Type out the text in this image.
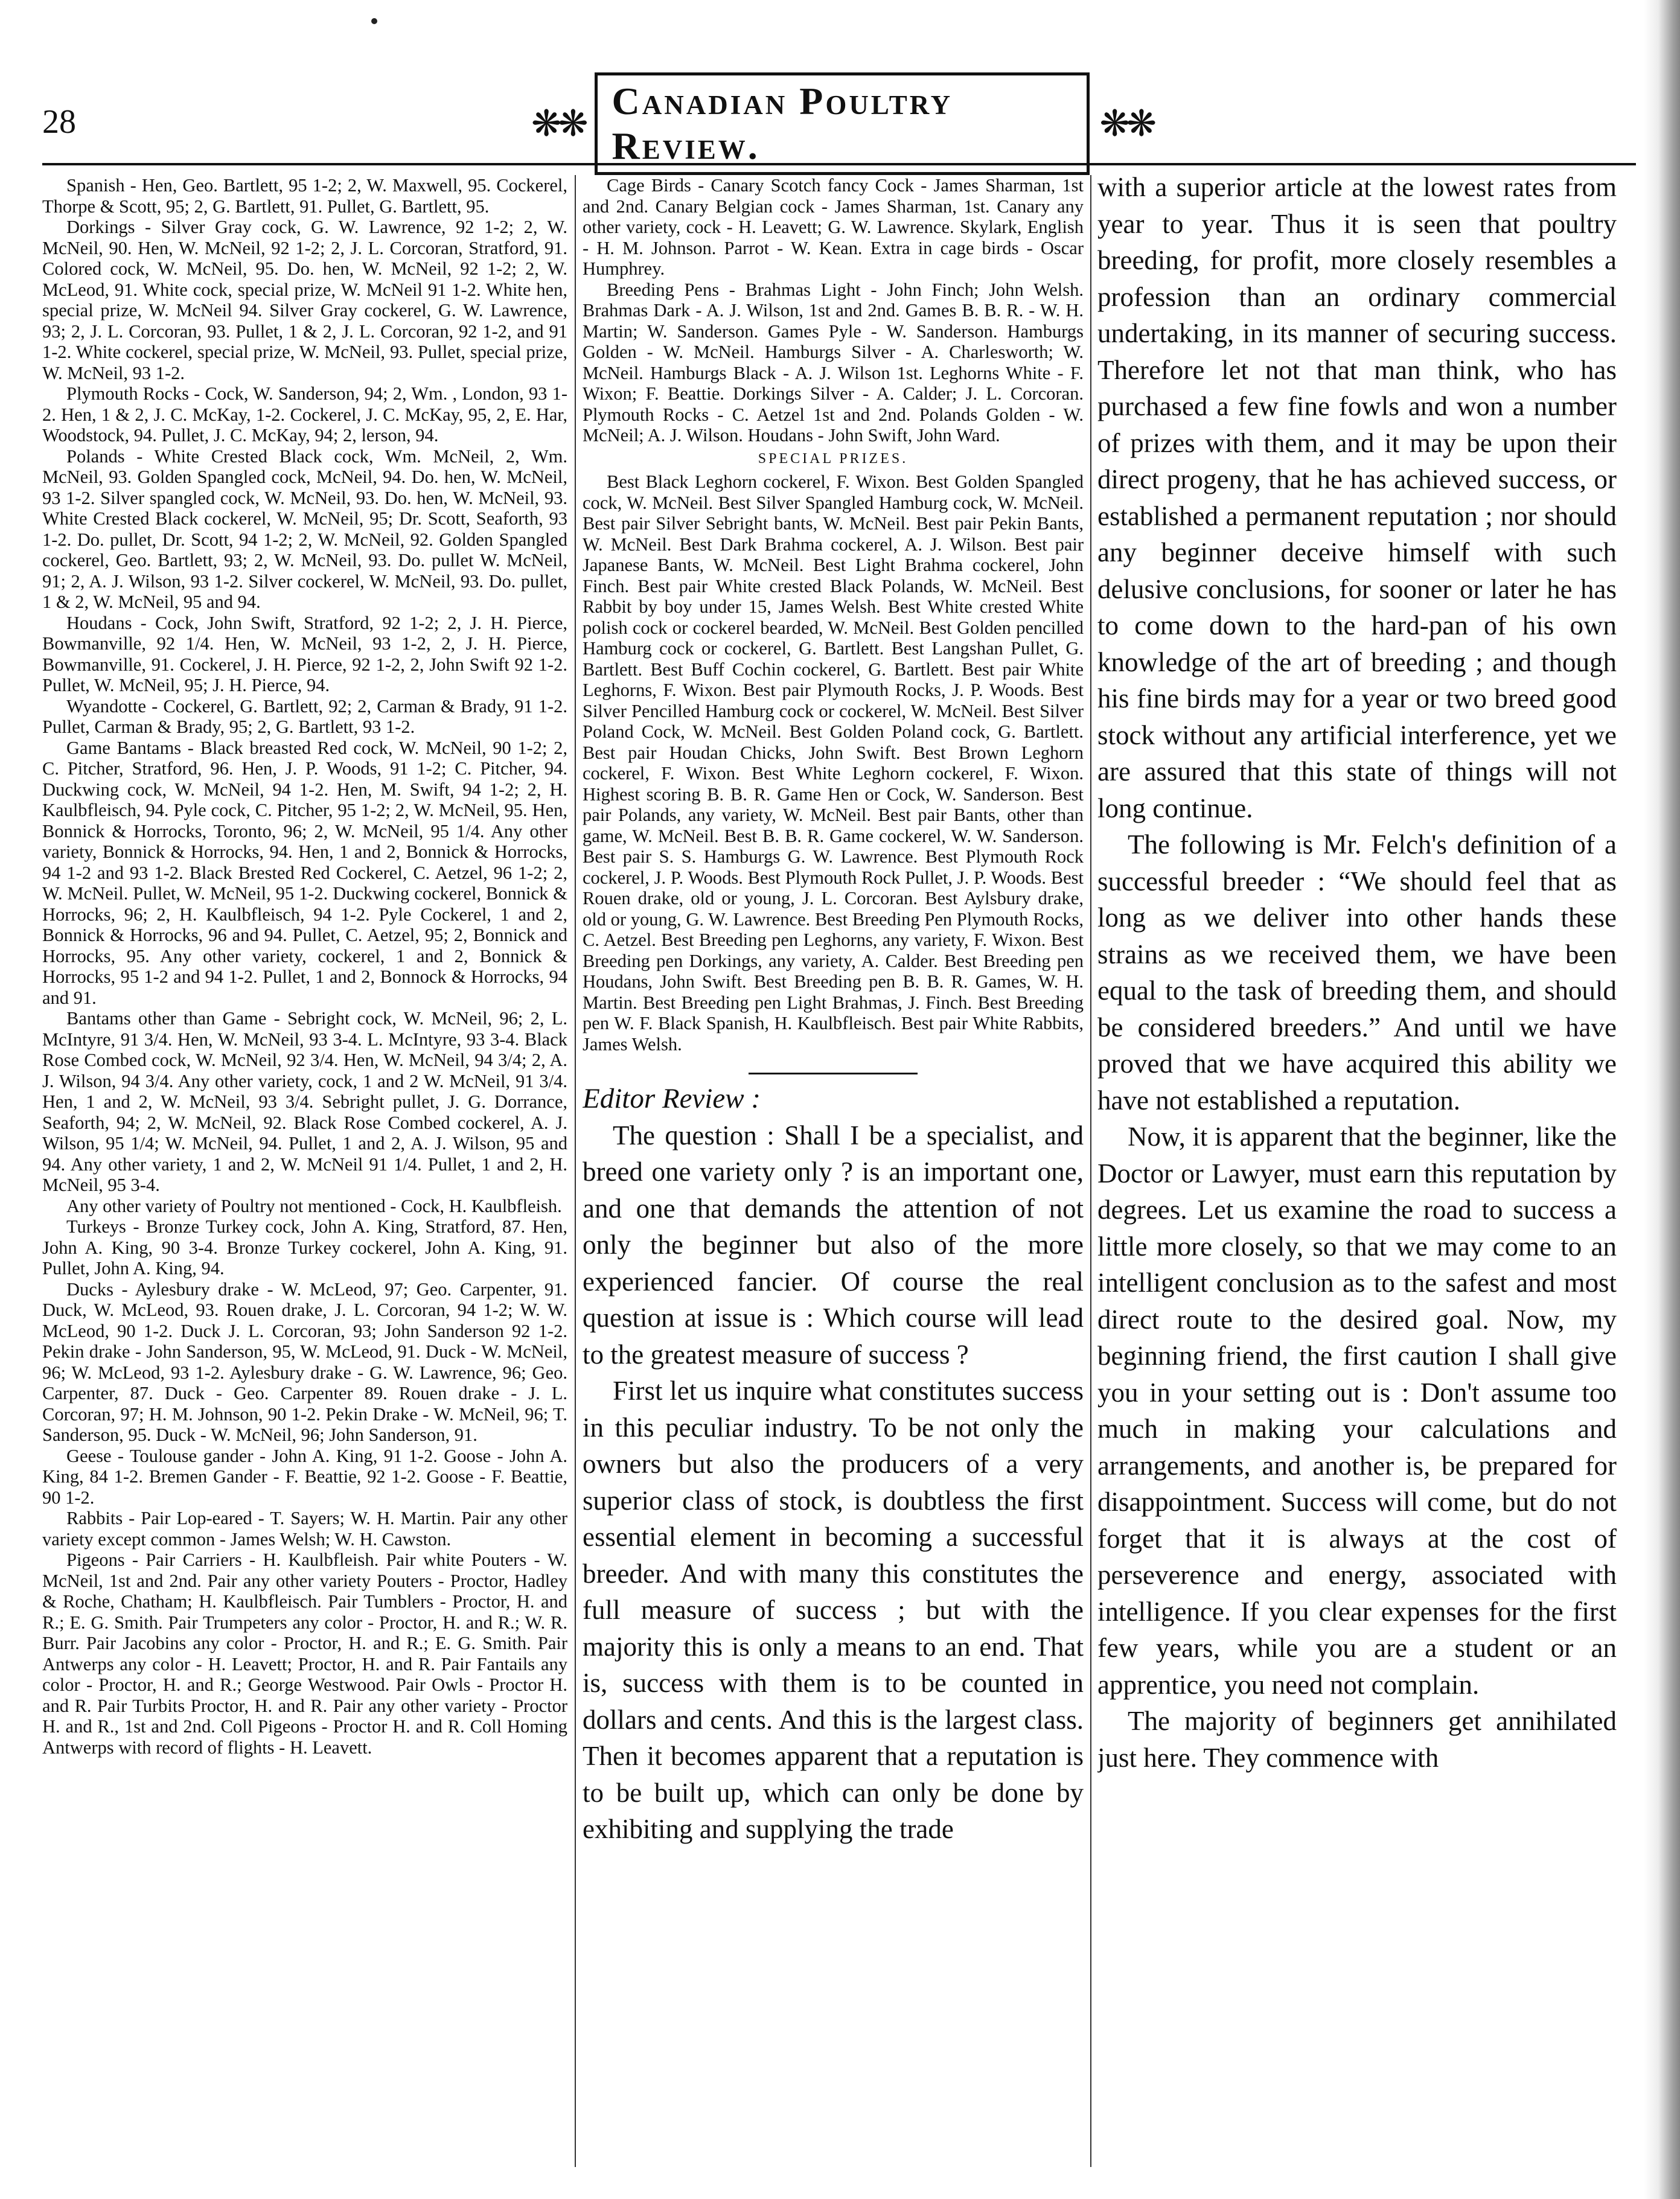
28	❋❋
Canadian Poultry Review.
❋❋

Spanish - Hen, Geo. Bartlett, 95 1-2; 2, W. Maxwell, 95. Cockerel, Thorpe & Scott, 95; 2, G. Bartlett, 91. Pullet, G. Bartlett, 95.

Dorkings - Silver Gray cock, G. W. Lawrence, 92 1-2; 2, W. McNeil, 90. Hen, W. McNeil, 92 1-2; 2, J. L. Corcoran, Stratford, 91. Colored cock, W. McNeil, 95. Do. hen, W. McNeil, 92 1-2; 2, W. McLeod, 91. White cock, special prize, W. McNeil 91 1-2. White hen, special prize, W. McNeil 94. Silver Gray cockerel, G. W. Lawrence, 93; 2, J. L. Corcoran, 93. Pullet, 1 & 2, J. L. Corcoran, 92 1-2, and 91 1-2. White cockerel, special prize, W. McNeil, 93. Pullet, special prize, W. McNeil, 93 1-2.

Plymouth Rocks - Cock, W. Sanderson, 94; 2, Wm. , London, 93 1-2. Hen, 1 & 2, J. C. McKay, 1-2. Cockerel, J. C. McKay, 95, 2, E. Har, Woodstock, 94. Pullet, J. C. McKay, 94; 2, lerson, 94.

Polands - White Crested Black cock, Wm. McNeil, 2, Wm. McNeil, 93. Golden Spangled cock, McNeil, 94. Do. hen, W. McNeil, 93 1-2. Silver spangled cock, W. McNeil, 93. Do. hen, W. McNeil, 93. White Crested Black cockerel, W. McNeil, 95; Dr. Scott, Seaforth, 93 1-2. Do. pullet, Dr. Scott, 94 1-2; 2, W. McNeil, 92. Golden Spangled cockerel, Geo. Bartlett, 93; 2, W. McNeil, 93. Do. pullet W. McNeil, 91; 2, A. J. Wilson, 93 1-2. Silver cockerel, W. McNeil, 93. Do. pullet, 1 & 2, W. McNeil, 95 and 94.

Houdans - Cock, John Swift, Stratford, 92 1-2; 2, J. H. Pierce, Bowmanville, 92 1/4. Hen, W. McNeil, 93 1-2, 2, J. H. Pierce, Bowmanville, 91. Cockerel, J. H. Pierce, 92 1-2, 2, John Swift 92 1-2. Pullet, W. McNeil, 95; J. H. Pierce, 94.

Wyandotte - Cockerel, G. Bartlett, 92; 2, Carman & Brady, 91 1-2. Pullet, Carman & Brady, 95; 2, G. Bartlett, 93 1-2.

Game Bantams - Black breasted Red cock, W. McNeil, 90 1-2; 2, C. Pitcher, Stratford, 96. Hen, J. P. Woods, 91 1-2; C. Pitcher, 94. Duckwing cock, W. McNeil, 94 1-2. Hen, M. Swift, 94 1-2; 2, H. Kaulbfleisch, 94. Pyle cock, C. Pitcher, 95 1-2; 2, W. McNeil, 95. Hen, Bonnick & Horrocks, Toronto, 96; 2, W. McNeil, 95 1/4. Any other variety, Bonnick & Horrocks, 94. Hen, 1 and 2, Bonnick & Horrocks, 94 1-2 and 93 1-2. Black Brested Red Cockerel, C. Aetzel, 96 1-2; 2, W. McNeil. Pullet, W. McNeil, 95 1-2. Duckwing cockerel, Bonnick & Horrocks, 96; 2, H. Kaulbfleisch, 94 1-2. Pyle Cockerel, 1 and 2, Bonnick & Horrocks, 96 and 94. Pullet, C. Aetzel, 95; 2, Bonnick and Horrocks, 95. Any other variety, cockerel, 1 and 2, Bonnick & Horrocks, 95 1-2 and 94 1-2. Pullet, 1 and 2, Bonnock & Horrocks, 94 and 91.

Bantams other than Game - Sebright cock, W. McNeil, 96; 2, L. McIntyre, 91 3/4. Hen, W. McNeil, 93 3-4. L. McIntyre, 93 3-4. Black Rose Combed cock, W. McNeil, 92 3/4. Hen, W. McNeil, 94 3/4; 2, A. J. Wilson, 94 3/4. Any other variety, cock, 1 and 2 W. McNeil, 91 3/4. Hen, 1 and 2, W. McNeil, 93 3/4. Sebright pullet, J. G. Dorrance, Seaforth, 94; 2, W. McNeil, 92. Black Rose Combed cockerel, A. J. Wilson, 95 1/4; W. McNeil, 94. Pullet, 1 and 2, A. J. Wilson, 95 and 94. Any other variety, 1 and 2, W. McNeil 91 1/4. Pullet, 1 and 2, H. McNeil, 95 3-4.

Any other variety of Poultry not mentioned - Cock, H. Kaulbfleish.

Turkeys - Bronze Turkey cock, John A. King, Stratford, 87. Hen, John A. King, 90 3-4. Bronze Turkey cockerel, John A. King, 91. Pullet, John A. King, 94.

Ducks - Aylesbury drake - W. McLeod, 97; Geo. Carpenter, 91. Duck, W. McLeod, 93. Rouen drake, J. L. Corcoran, 94 1-2; W. W. McLeod, 90 1-2. Duck J. L. Corcoran, 93; John Sanderson 92 1-2. Pekin drake - John Sanderson, 95, W. McLeod, 91. Duck - W. McNeil, 96; W. McLeod, 93 1-2. Aylesbury drake - G. W. Lawrence, 96; Geo. Carpenter, 87. Duck - Geo. Carpenter 89. Rouen drake - J. L. Corcoran, 97; H. M. Johnson, 90 1-2. Pekin Drake - W. McNeil, 96; T. Sanderson, 95. Duck - W. McNeil, 96; John Sanderson, 91.

Geese - Toulouse gander - John A. King, 91 1-2. Goose - John A. King, 84 1-2. Bremen Gander - F. Beattie, 92 1-2. Goose - F. Beattie, 90 1-2.

Rabbits - Pair Lop-eared - T. Sayers; W. H. Martin. Pair any other variety except common - James Welsh; W. H. Cawston.

Pigeons - Pair Carriers - H. Kaulbfleish. Pair white Pouters - W. McNeil, 1st and 2nd. Pair any other variety Pouters - Proctor, Hadley & Roche, Chatham; H. Kaulbfleisch. Pair Tumblers - Proctor, H. and R.; E. G. Smith. Pair Trumpeters any color - Proctor, H. and R.; W. R. Burr. Pair Jacobins any color - Proctor, H. and R.; E. G. Smith. Pair Antwerps any color - H. Leavett; Proctor, H. and R. Pair Fantails any color - Proctor, H. and R.; George Westwood. Pair Owls - Proctor H. and R. Pair Turbits Proctor, H. and R. Pair any other variety - Proctor H. and R., 1st and 2nd. Coll Pigeons - Proctor H. and R. Coll Homing Antwerps with record of flights - H. Leavett.

Cage Birds - Canary Scotch fancy Cock - James Sharman, 1st and 2nd. Canary Belgian cock - James Sharman, 1st. Canary any other variety, cock - H. Leavett; G. W. Lawrence. Skylark, English - H. M. Johnson. Parrot - W. Kean. Extra in cage birds - Oscar Humphrey.

Breeding Pens - Brahmas Light - John Finch; John Welsh. Brahmas Dark - A. J. Wilson, 1st and 2nd. Games B. B. R. - W. H. Martin; W. Sanderson. Games Pyle - W. Sanderson. Hamburgs Golden - W. McNeil. Hamburgs Silver - A. Charlesworth; W. McNeil. Hamburgs Black - A. J. Wilson 1st. Leghorns White - F. Wixon; F. Beattie. Dorkings Silver - A. Calder; J. L. Corcoran. Plymouth Rocks - C. Aetzel 1st and 2nd. Polands Golden - W. McNeil; A. J. Wilson. Houdans - John Swift, John Ward.

SPECIAL PRIZES.

Best Black Leghorn cockerel, F. Wixon. Best Golden Spangled cock, W. McNeil. Best Silver Spangled Hamburg cock, W. McNeil. Best pair Silver Sebright bants, W. McNeil. Best pair Pekin Bants, W. McNeil. Best Dark Brahma cockerel, A. J. Wilson. Best pair Japanese Bants, W. McNeil. Best Light Brahma cockerel, John Finch. Best pair White crested Black Polands, W. McNeil. Best Rabbit by boy under 15, James Welsh. Best White crested White polish cock or cockerel bearded, W. McNeil. Best Golden pencilled Hamburg cock or cockerel, G. Bartlett. Best Langshan Pullet, G. Bartlett. Best Buff Cochin cockerel, G. Bartlett. Best pair White Leghorns, F. Wixon. Best pair Plymouth Rocks, J. P. Woods. Best Silver Pencilled Hamburg cock or cockerel, W. McNeil. Best Silver Poland Cock, W. McNeil. Best Golden Poland cock, G. Bartlett. Best pair Houdan Chicks, John Swift. Best Brown Leghorn cockerel, F. Wixon. Best White Leghorn cockerel, F. Wixon. Highest scoring B. B. R. Game Hen or Cock, W. Sanderson. Best pair Polands, any variety, W. McNeil. Best pair Bants, other than game, W. McNeil. Best B. B. R. Game cockerel, W. W. Sanderson. Best pair S. S. Hamburgs G. W. Lawrence. Best Plymouth Rock cockerel, J. P. Woods. Best Plymouth Rock Pullet, J. P. Woods. Best Rouen drake, old or young, J. L. Corcoran. Best Aylsbury drake, old or young, G. W. Lawrence. Best Breeding Pen Plymouth Rocks, C. Aetzel. Best Breeding pen Leghorns, any variety, F. Wixon. Best Breeding pen Dorkings, any variety, A. Calder. Best Breeding pen Houdans, John Swift. Best Breeding pen B. B. R. Games, W. H. Martin. Best Breeding pen Light Brahmas, J. Finch. Best Breeding pen W. F. Black Spanish, H. Kaulbfleisch. Best pair White Rabbits, James Welsh.

Editor Review :

The question : Shall I be a specialist, and breed one variety only ? is an important one, and one that demands the attention of not only the beginner but also of the more experienced fancier. Of course the real question at issue is : Which course will lead to the greatest measure of success ?

First let us inquire what constitutes success in this peculiar industry. To be not only the owners but also the producers of a very superior class of stock, is doubtless the first essential element in becoming a successful breeder. And with many this constitutes the full measure of success ; but with the majority this is only a means to an end. That is, success with them is to be counted in dollars and cents. And this is the largest class. Then it becomes apparent that a reputation is to be built up, which can only be done by exhibiting and supplying the trade

with a superior article at the lowest rates from year to year. Thus it is seen that poultry breeding, for profit, more closely resembles a profession than an ordinary commercial undertaking, in its manner of securing success. Therefore let not that man think, who has purchased a few fine fowls and won a number of prizes with them, and it may be upon their direct progeny, that he has achieved success, or established a permanent reputation ; nor should any beginner deceive himself with such delusive conclusions, for sooner or later he has to come down to the hard-pan of his own knowledge of the art of breeding ; and though his fine birds may for a year or two breed good stock without any artificial interference, yet we are assured that this state of things will not long continue.

The following is Mr. Felch's definition of a successful breeder : “We should feel that as long as we deliver into other hands these strains as we received them, we have been equal to the task of breeding them, and should be considered breeders.” And until we have proved that we have acquired this ability we have not established a reputation.

Now, it is apparent that the beginner, like the Doctor or Lawyer, must earn this reputation by degrees. Let us examine the road to success a little more closely, so that we may come to an intelligent conclusion as to the safest and most direct route to the desired goal. Now, my beginning friend, the first caution I shall give you in your setting out is : Don't assume too much in making your calculations and arrangements, and another is, be prepared for disappointment. Success will come, but do not forget that it is always at the cost of perseverence and energy, associated with intelligence. If you clear expenses for the first few years, while you are a student or an apprentice, you need not complain.

The majority of beginners get annihilated just here. They commence with
